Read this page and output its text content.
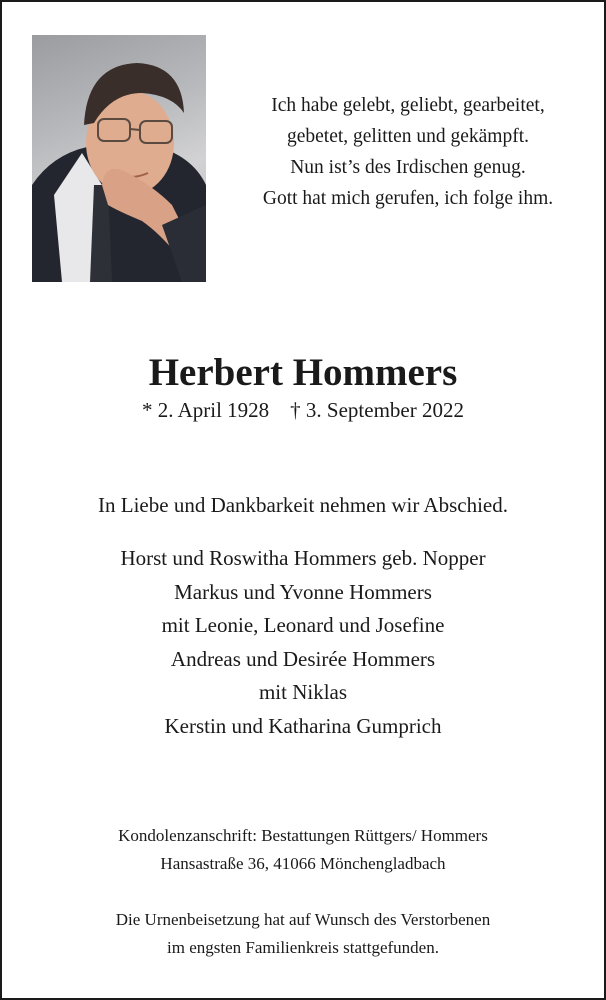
Ich habe gelebt, geliebt, gearbeitet,
gebetet, gelitten und gekämpft.
Nun ist’s des Irdischen genug.
Gott hat mich gerufen, ich folge ihm.
Herbert Hommers
* 2. April 1928    † 3. September 2022
In Liebe und Dankbarkeit nehmen wir Abschied.
Horst und Roswitha Hommers geb. Nopper
Markus und Yvonne Hommers
mit Leonie, Leonard und Josefine
Andreas und Desirée Hommers
mit Niklas
Kerstin und Katharina Gumprich
Kondolenzanschrift: Bestattungen Rüttgers/ Hommers
Hansastraße 36, 41066 Mönchengladbach
Die Urnenbeisetzung hat auf Wunsch des Verstorbenen
im engsten Familienkreis stattgefunden.
